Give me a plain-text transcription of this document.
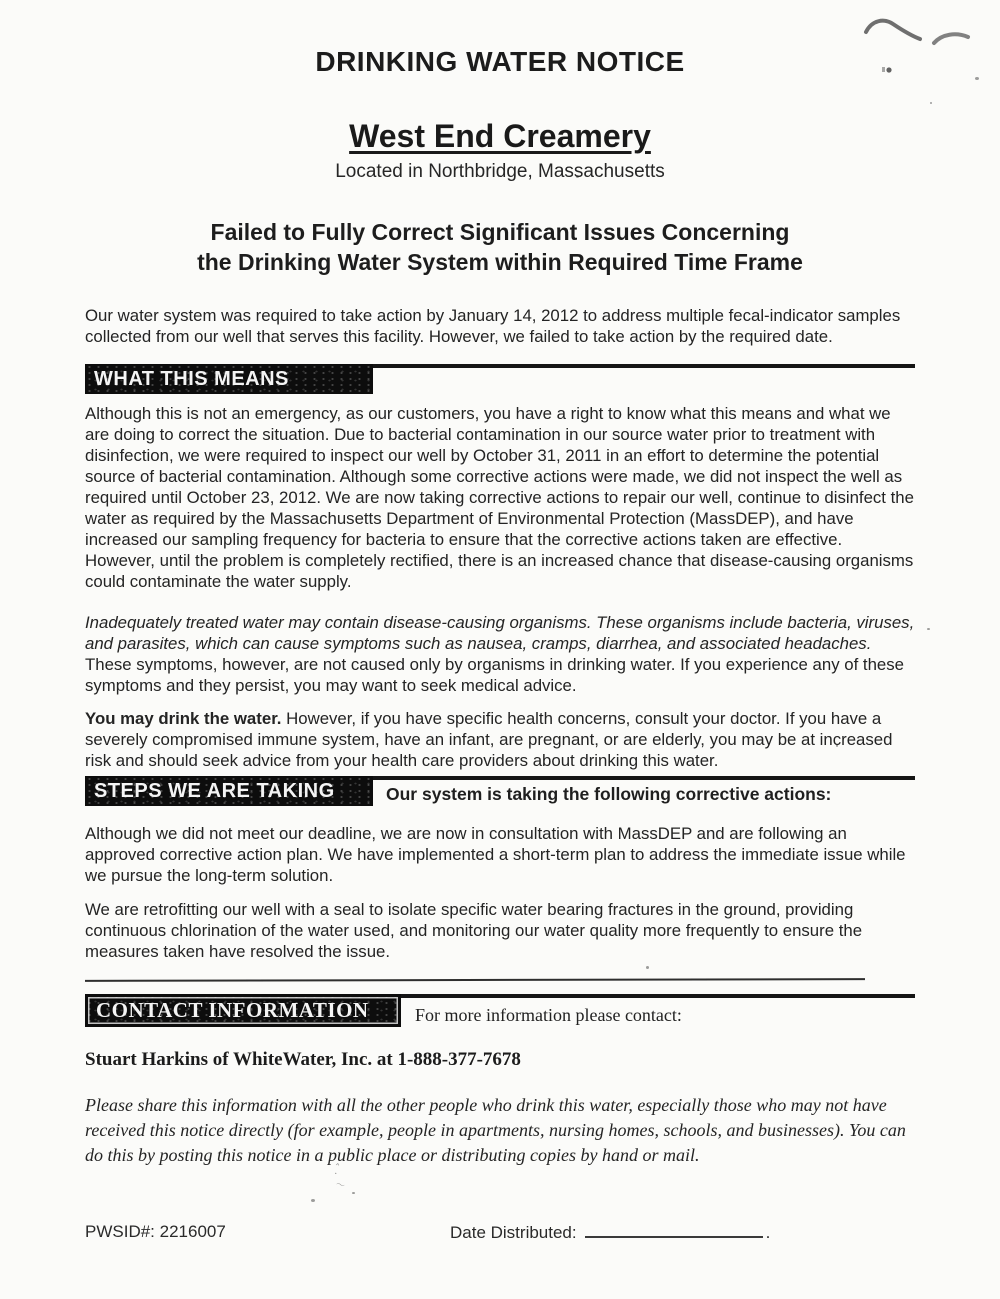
ˆ̣
～
DRINKING WATER NOTICE
West End Creamery
Located in Northbridge, Massachusetts
Failed to Fully Correct Significant Issues Concerning
the Drinking Water System within Required Time Frame

Our water system was required to take action by January 14, 2012 to address multiple fecal-indicator samples collected from our well that serves this facility. However, we failed to take action by the required date.

WHAT THIS MEANS

Although this is not an emergency, as our customers, you have a right to know what this means and what we are doing to correct the situation. Due to bacterial contamination in our source water prior to treatment with disinfection, we were required to inspect our well by October 31, 2011 in an effort to determine the potential source of bacterial contamination. Although some corrective actions were made, we did not inspect the well as required until October 23, 2012. We are now taking corrective actions to repair our well, continue to disinfect the water as required by the Massachusetts Department of Environmental Protection (MassDEP), and have increased our sampling frequency for bacteria to ensure that the corrective actions taken are effective. However, until the problem is completely rectified, there is an increased chance that disease-causing organisms could contaminate the water supply.

Inadequately treated water may contain disease-causing organisms. These organisms include bacteria, viruses, and parasites, which can cause symptoms such as nausea, cramps, diarrhea, and associated headaches. These symptoms, however, are not caused only by organisms in drinking water. If you experience any of these symptoms and they persist, you may want to seek medical advice.

You may drink the water. However, if you have specific health concerns, consult your doctor. If you have a severely compromised immune system, have an infant, are pregnant, or are elderly, you may be at increased risk and should seek advice from your health care providers about drinking this water.

STEPS WE ARE TAKING	Our system is taking the following corrective actions:

Although we did not meet our deadline, we are now in consultation with MassDEP and are following an approved corrective action plan. We have implemented a short-term plan to address the immediate issue while we pursue the long-term solution.

We are retrofitting our well with a seal to isolate specific water bearing fractures in the ground, providing continuous chlorination of the water used, and monitoring our water quality more frequently to ensure the measures taken have resolved the issue.

CONTACT INFORMATION	For more information please contact:

Stuart Harkins of WhiteWater, Inc. at 1-888-377-7678

Please share this information with all the other people who drink this water, especially those who may not have received this notice directly (for example, people in apartments, nursing homes, schools, and businesses). You can do this by posting this notice in a public place or distributing copies by hand or mail.

PWSID#: 2216007	Date Distributed:	.
